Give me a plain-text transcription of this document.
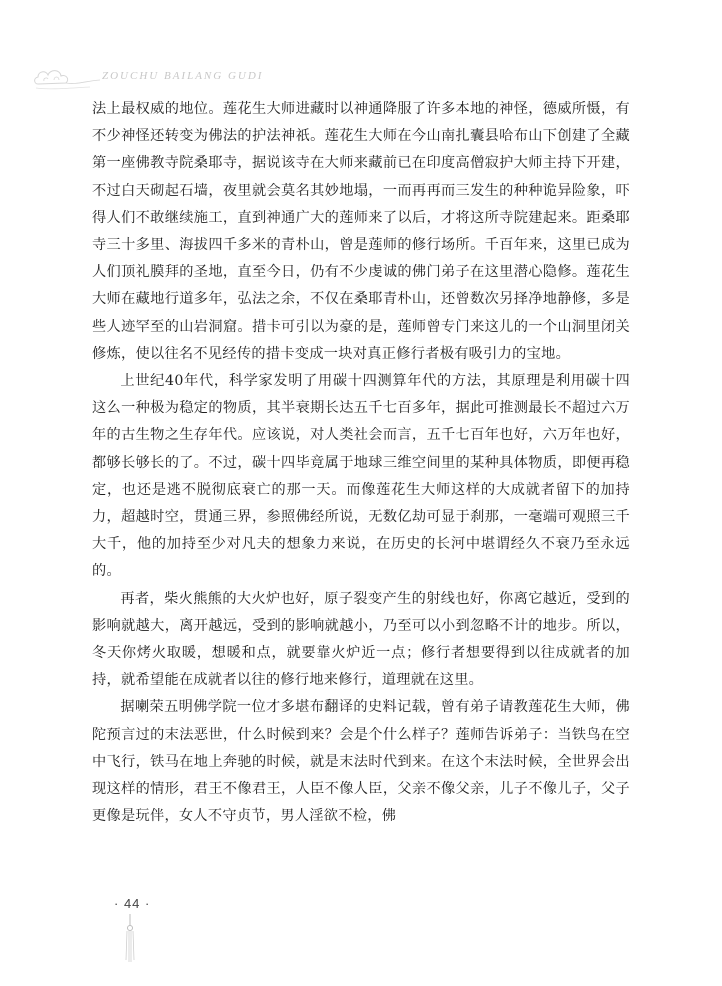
ZOUCHU BAILANG GUDI

法上最权威的地位。莲花生大师进藏时以神通降服了许多本地的神怪，德威所慑，有不少神怪还转变为佛法的护法神祇。莲花生大师在今山南扎囊县哈布山下创建了全藏第一座佛教寺院桑耶寺，据说该寺在大师来藏前已在印度高僧寂护大师主持下开建，不过白天砌起石墙，夜里就会莫名其妙地塌，一而再再而三发生的种种诡异险象，吓得人们不敢继续施工，直到神通广大的莲师来了以后，才将这所寺院建起来。距桑耶寺三十多里、海拔四千多米的青朴山，曾是莲师的修行场所。千百年来，这里已成为人们顶礼膜拜的圣地，直至今日，仍有不少虔诚的佛门弟子在这里潜心隐修。莲花生大师在藏地行道多年，弘法之余，不仅在桑耶青朴山，还曾数次另择净地静修，多是些人迹罕至的山岩洞窟。措卡可引以为豪的是，莲师曾专门来这儿的一个山洞里闭关修炼，使以往名不见经传的措卡变成一块对真正修行者极有吸引力的宝地。

上世纪40年代，科学家发明了用碳十四测算年代的方法，其原理是利用碳十四这么一种极为稳定的物质，其半衰期长达五千七百多年，据此可推测最长不超过六万年的古生物之生存年代。应该说，对人类社会而言，五千七百年也好，六万年也好，都够长够长的了。不过，碳十四毕竟属于地球三维空间里的某种具体物质，即便再稳定，也还是逃不脱彻底衰亡的那一天。而像莲花生大师这样的大成就者留下的加持力，超越时空，贯通三界，参照佛经所说，无数亿劫可显于刹那，一毫端可观照三千大千，他的加持至少对凡夫的想象力来说，在历史的长河中堪谓经久不衰乃至永远的。

再者，柴火熊熊的大火炉也好，原子裂变产生的射线也好，你离它越近，受到的影响就越大，离开越远，受到的影响就越小，乃至可以小到忽略不计的地步。所以，冬天你烤火取暖，想暖和点，就要靠火炉近一点；修行者想要得到以往成就者的加持，就希望能在成就者以往的修行地来修行，道理就在这里。

据喇荣五明佛学院一位才多堪布翻译的史料记载，曾有弟子请教莲花生大师，佛陀预言过的末法恶世，什么时候到来？会是个什么样子？莲师告诉弟子：当铁鸟在空中飞行，铁马在地上奔驰的时候，就是末法时代到来。在这个末法时候，全世界会出现这样的情形，君王不像君王，人臣不像人臣，父亲不像父亲，儿子不像儿子，父子更像是玩伴，女人不守贞节，男人淫欲不检，佛

· 44 ·
